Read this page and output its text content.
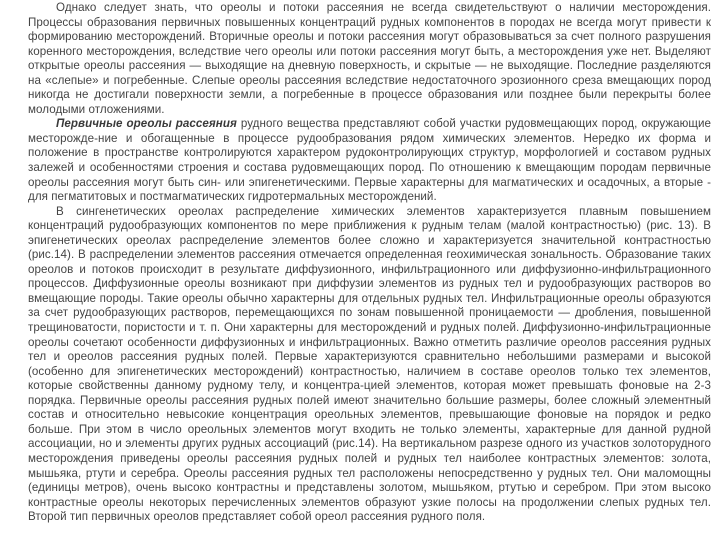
Однако следует знать, что ореолы и потоки рассеяния не всегда свидетельствуют о наличии месторождения. Процессы образования первичных повышенных концентраций рудных компонентов в породах не всегда могут привести к формированию месторождений. Вторичные ореолы и потоки рассеяния могут образовываться за счет полного разрушения коренного месторождения, вследствие чего ореолы или потоки рассеяния могут быть, а месторождения уже нет. Выделяют открытые ореолы рассеяния — выходящие на дневную поверхность, и скрытые — не выходящие. Последние разделяются на «слепые» и погребенные. Слепые ореолы рассеяния вследствие недостаточного эрозионного среза вмещающих пород никогда не достигали поверхности земли, а погребенные в процессе образования или позднее были перекрыты более молодыми отложениями.

Первичные ореолы рассеяния рудного вещества представляют собой участки рудовмещающих пород, окружающие месторожде-ние и обогащенные в процессе рудообразования рядом химических элементов. Нередко их форма и положение в пространстве контролируются характером рудоконтролирующих структур, морфологией и составом рудных залежей и особенностями строения и состава рудовмещающих пород. По отношению к вмещающим породам первичные ореолы рассеяния могут быть син- или эпигенетическими. Первые характерны для магматических и осадочных, а вторые - для пегматитовых и постмагматических гидротермальных месторождений.

В сингенетических ореолах распределение химических элементов характеризуется плавным повышением концентраций рудообразующих компонентов по мере приближения к рудным телам (малой контрастностью) (рис. 13). В эпигенетических ореолах распределение элементов более сложно и характеризуется значительной контрастностью (рис.14). В распределении элементов рассеяния отмечается определенная геохимическая зональность. Образование таких ореолов и потоков происходит в результате диффузионного, инфильтрационного или диффузионно-инфильтрационного процессов. Диффузионные ореолы возникают при диффузии элементов из рудных тел и рудообразующих растворов во вмещающие породы. Такие ореолы обычно характерны для отдельных рудных тел. Инфильтрационные ореолы образуются за счет рудообразующих растворов, перемещающихся по зонам повышенной проницаемости — дробления, повышенной трещиноватости, пористости и т. п. Они характерны для месторождений и рудных полей. Диффузионно-инфильтрационные ореолы сочетают особенности диффузионных и инфильтрационных. Важно отметить различие ореолов рассеяния рудных тел и ореолов рассеяния рудных полей. Первые характеризуются сравнительно небольшими размерами и высокой (особенно для эпигенетических месторождений) контрастностью, наличием в составе ореолов только тех элементов, которые свойственны данному рудному телу, и концентра-цией элементов, которая может превышать фоновые на 2-3 порядка. Первичные ореолы рассеяния рудных полей имеют значительно большие размеры, более сложный элементный состав и относительно невысокие концентрация ореольных элементов, превышающие фоновые на порядок и редко больше. При этом в число ореольных элементов могут входить не только элементы, характерные для данной рудной ассоциации, но и элементы других рудных ассоциаций (рис.14). На вертикальном разрезе одного из участков золоторудного месторождения приведены ореолы рассеяния рудных полей и рудных тел наиболее контрастных элементов: золота, мышьяка, ртути и серебра. Ореолы рассеяния рудных тел расположены непосредственно у рудных тел. Они маломощны (единицы метров), очень высоко контрастны и представлены золотом, мышьяком, ртутью и серебром. При этом высоко контрастные ореолы некоторых перечисленных элементов образуют узкие полосы на продолжении слепых рудных тел. Второй тип первичных ореолов представляет собой ореол рассеяния рудного поля.
